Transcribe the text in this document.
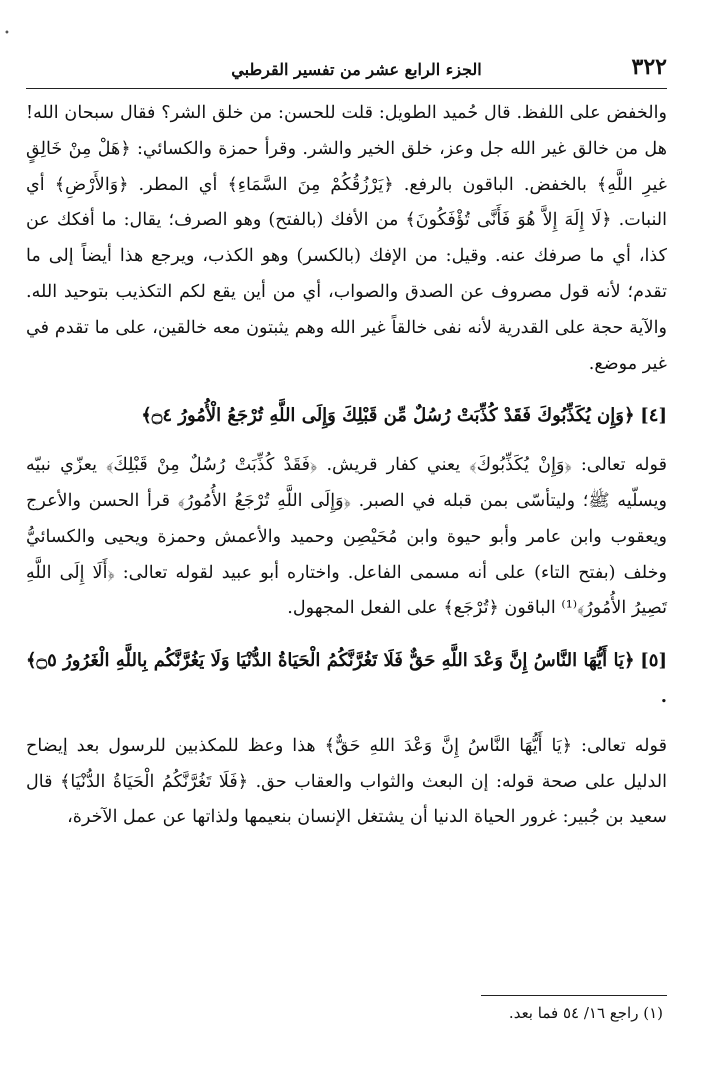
•
٣٢٢
الجزء الرابع عشر من تفسير القرطبي

والخفض على اللفظ. قال حُميد الطويل: قلت للحسن: من خلق الشر؟ فقال سبحان الله! هل من خالق غير الله جل وعز، خلق الخير والشر. وقرأ حمزة والكسائي: ﴿هَلْ مِنْ خَالِقٍ غيرِ اللَّهِ﴾ بالخفض. الباقون بالرفع. ﴿يَرْزُقُكُمْ مِنَ السَّمَاءِ﴾ أي المطر. ﴿وَالأَرْضِ﴾ أي النبات. ﴿لَا إِلَهَ إِلاَّ هُوَ فَأَنَّى تُؤْفَكُونَ﴾ من الأفك (بالفتح) وهو الصرف؛ يقال: ما أفكك عن كذا، أي ما صرفك عنه. وقيل: من الإفك (بالكسر) وهو الكذب، ويرجع هذا أيضاً إلى ما تقدم؛ لأنه قول مصروف عن الصدق والصواب، أي من أين يقع لكم التكذيب بتوحيد الله. والآية حجة على القدرية لأنه نفى خالقاً غير الله وهم يثبتون معه خالقين، على ما تقدم في غير موضع.

[٤] ﴿وَإِن يُكَذِّبُوكَ فَقَدْ كُذِّبَتْ رُسُلٌ مِّن قَبْلِكَ وَإِلَى اللَّهِ تُرْجَعُ الْأُمُورُ ۝٤﴾

قوله تعالى: ﴿وَإِنْ يُكَذِّبُوكَ﴾ يعني كفار قريش. ﴿فَقَدْ كُذِّبَتْ رُسُلٌ مِنْ قَبْلِكَ﴾ يعزّي نبيّه ويسلّيه ﷺ؛ وليتأسّى بمن قبله في الصبر. ﴿وَإِلَى اللَّهِ تُرْجَعُ الأُمُورُ﴾ قرأ الحسن والأعرج ويعقوب وابن عامر وأبو حيوة وابن مُحَيْصِن وحميد والأعمش وحمزة ويحيى والكسائيُّ وخلف (بفتح التاء) على أنه مسمى الفاعل. واختاره أبو عبيد لقوله تعالى: ﴿أَلَا إِلَى اللَّهِ تَصِيرُ الأُمُورُ﴾⁽¹⁾ الباقون ﴿تُرْجَع﴾ على الفعل المجهول.

[٥] ﴿يَا أَيُّهَا النَّاسُ إِنَّ وَعْدَ اللَّهِ حَقٌّ فَلَا تَغُرَّنَّكُمُ الْحَيَاةُ الدُّنْيَا وَلَا يَغُرَّنَّكُم بِاللَّهِ الْغَرُورُ ۝٥﴾ .

قوله تعالى: ﴿يَا أَيُّهَا النَّاسُ إِنَّ وَعْدَ اللهِ حَقٌّ﴾ هذا وعظ للمكذبين للرسول بعد إيضاح الدليل على صحة قوله: إن البعث والثواب والعقاب حق. ﴿فَلَا تَغُرَّنَّكُمُ الْحَيَاةُ الدُّنْيَا﴾ قال سعيد بن جُبير: غرور الحياة الدنيا أن يشتغل الإنسان بنعيمها ولذاتها عن عمل الآخرة،

(١) راجع ١٦/ ٥٤ فما بعد.
